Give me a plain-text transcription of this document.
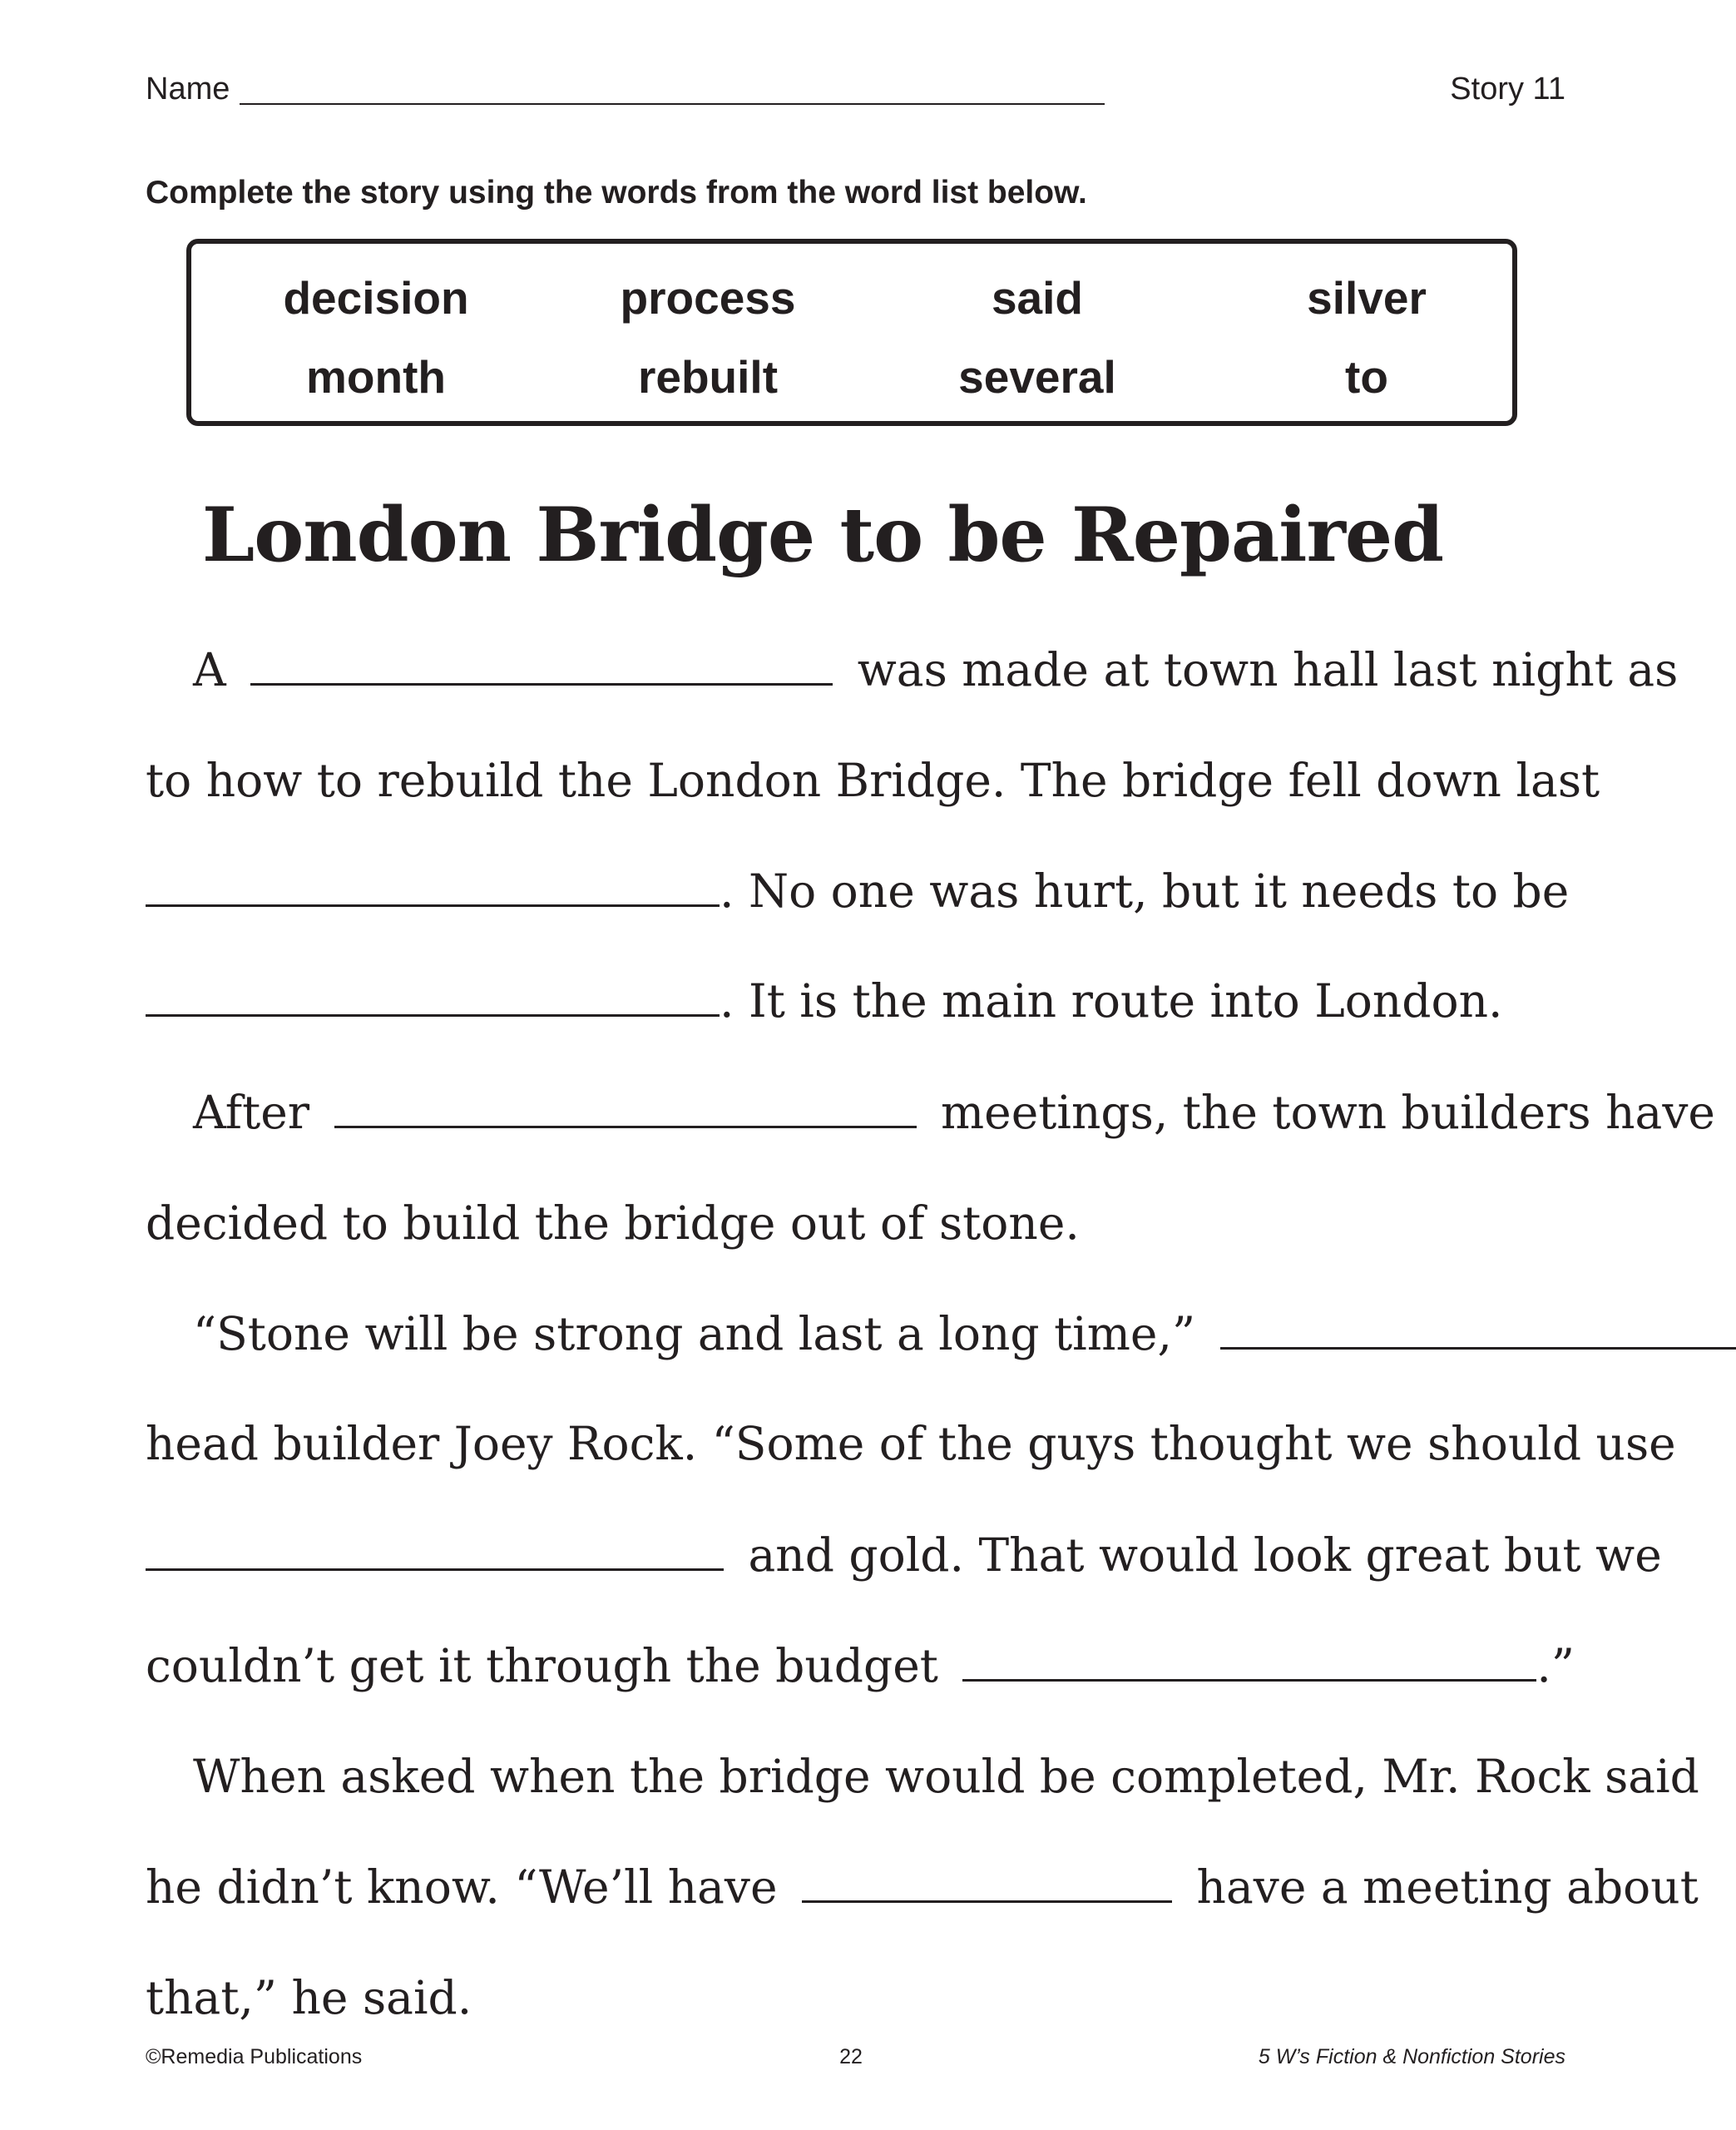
Name	Story 11
Complete the story using the words from the word list below.
decision	process	said	silver
month	rebuilt	several	to
London Bridge to be Repaired
A	was made at town hall last night as
to how to rebuild the London Bridge. The bridge fell down last
. No one was hurt, but it needs to be
. It is the main route into London.
After	meetings, the town builders have
decided to build the bridge out of stone.
“Stone will be strong and last a long time,”
head builder Joey Rock. “Some of the guys thought we should use
and gold. That would look great but we
couldn’t get it through the budget	.”
When asked when the bridge would be completed, Mr. Rock said
he didn’t know. “We’ll have	have a meeting about
that,” he said.
©Remedia Publications	22	5 W’s Fiction & Nonfiction Stories
